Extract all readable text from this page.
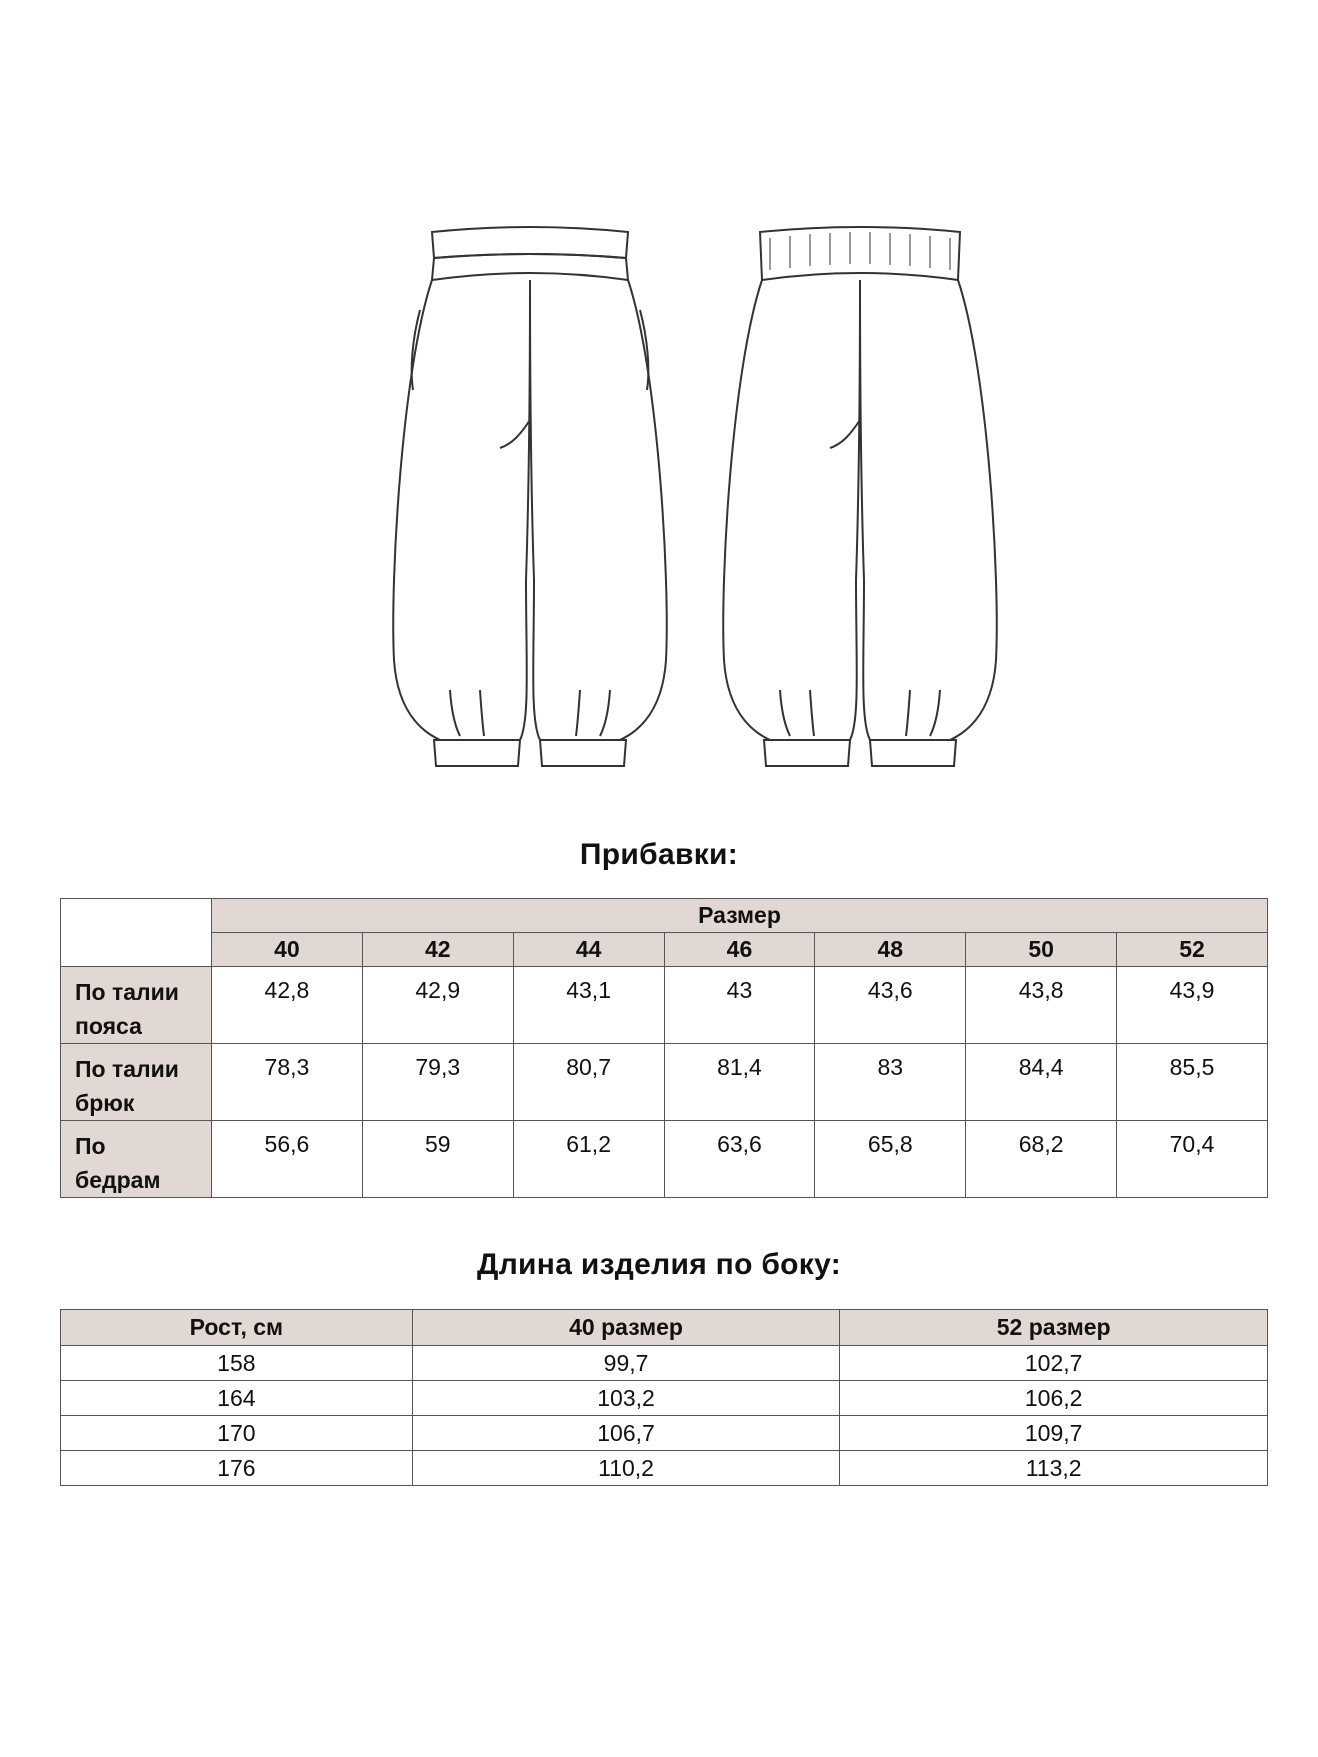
Прибавки:
	Размер						
	40	42	44	46	48	50	52
По талии
пояса	42,8	42,9	43,1	43	43,6	43,8	43,9
По талии
брюк	78,3	79,3	80,7	81,4	83	84,4	85,5
По
бедрам	56,6	59	61,2	63,6	65,8	68,2	70,4
Длина изделия по боку:
Рост, см	40 размер	52 размер
158	99,7	102,7
164	103,2	106,2
170	106,7	109,7
176	110,2	113,2
